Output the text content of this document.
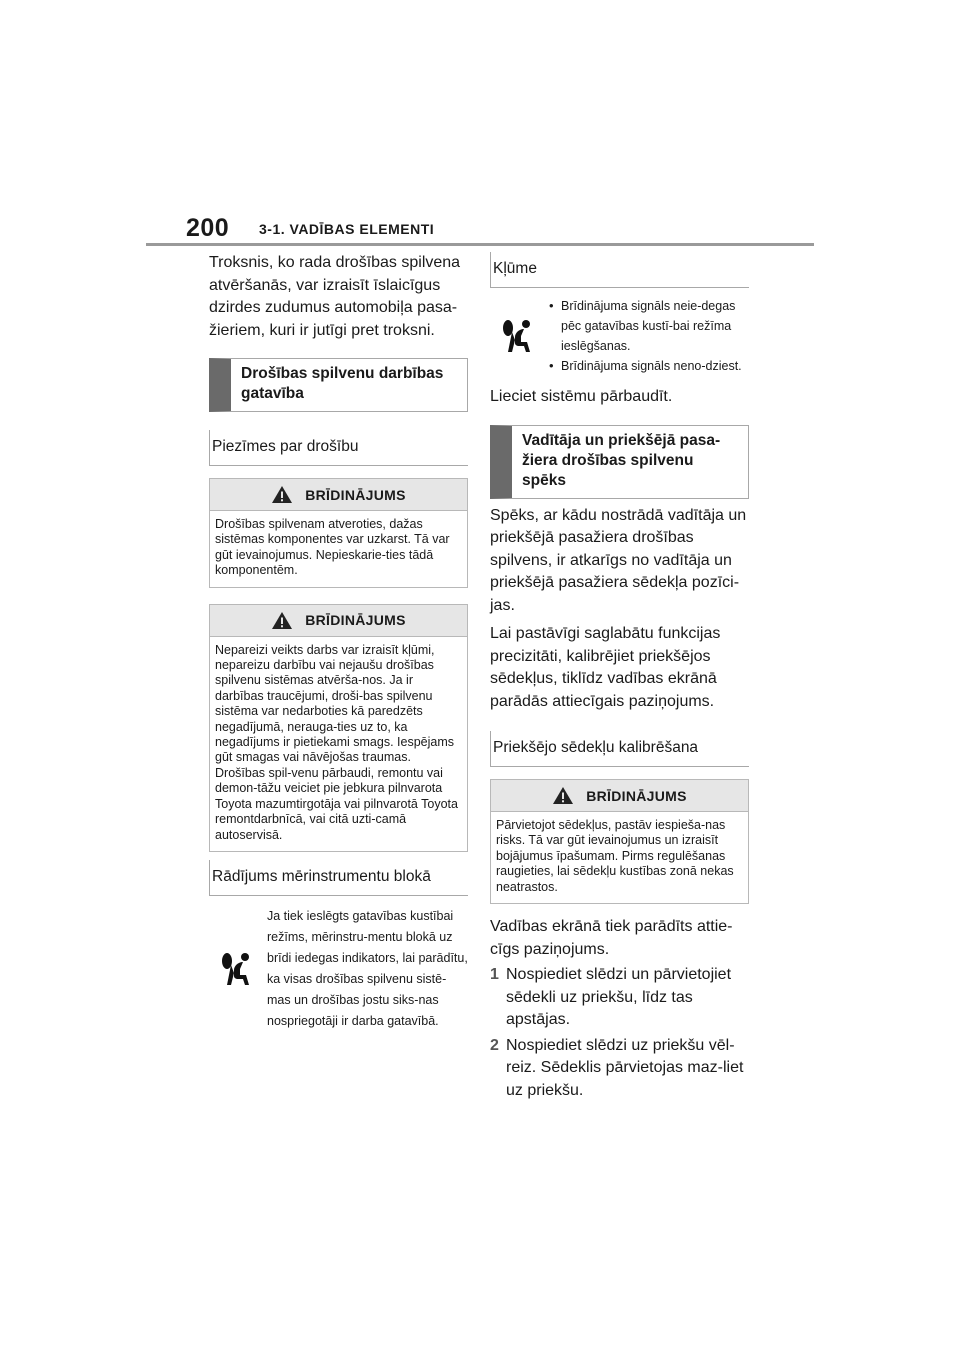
200 3-1. VADĪBAS ELEMENTI

Troksnis, ko rada drošības spilvena atvēršanās, var izraisīt īslaicīgus dzirdes zudumus automobiļa pasa-žieriem, kuri ir jutīgi pret troksni.

Drošības spilvenu darbības gatavība
Piezīmes par drošību
BRĪDINĀJUMS
Drošības spilvenam atveroties, dažas sistēmas komponentes var uzkarst. Tā var gūt ievainojumus. Nepieskarie-ties tādā komponentēm.
BRĪDINĀJUMS
Nepareizi veikts darbs var izraisīt kļūmi, nepareizu darbību vai nejaušu drošības spilvenu sistēmas atvērša-nos. Ja ir darbības traucējumi, droši-bas spilvenu sistēma var nedarboties kā paredzēts negadījumā, nerauga-ties uz to, ka negadījums ir pietiekami smags. Iespējams gūt smagas vai nāvējošas traumas. Drošības spil-venu pārbaudi, remontu vai demon-tāžu veiciet pie jebkura pilnvarota Toyota mazumtirgotāja vai pilnvarotā Toyota remontdarbnīcā, vai citā uzti-camā autoservisā.
Rādījums mērinstrumentu blokā
Ja tiek ieslēgts gatavības kustībai režīms, mērinstru-mentu blokā uz brīdi iedegas indikators, lai parādītu, ka visas drošības spilvenu sistē-mas un drošības jostu siks-nas nospriegotāji ir darba gatavībā.
Kļūme
• Brīdinājuma signāls neie-degas pēc gatavības kustī-bai režīma ieslēgšanas.
• Brīdinājuma signāls neno-dziest.

Lieciet sistēmu pārbaudīt.

Vadītāja un priekšējā pasa-žiera drošības spilvenu spēks

Spēks, ar kādu nostrādā vadītāja un priekšējā pasažiera drošības spilvens, ir atkarīgs no vadītāja un priekšējā pasažiera sēdekļa pozīci-jas.

Lai pastāvīgi saglabātu funkcijas precizitāti, kalibrējiet priekšējos sēdekļus, tiklīdz vadības ekrānā parādās attiecīgais paziņojums.

Priekšējo sēdekļu kalibrēšana
BRĪDINĀJUMS
Pārvietojot sēdekļus, pastāv iespieša-nas risks. Tā var gūt ievainojumus un izraisīt bojājumus īpašumam. Pirms regulēšanas raugieties, lai sēdekļu kustības zonā nekas neatrastos.

Vadības ekrānā tiek parādīts attie-cīgs paziņojums.

1 Nospiediet slēdzi un pārvietojiet sēdekli uz priekšu, līdz tas apstājas.
2 Nospiediet slēdzi uz priekšu vēl-reiz. Sēdeklis pārvietojas maz-liet uz priekšu.
